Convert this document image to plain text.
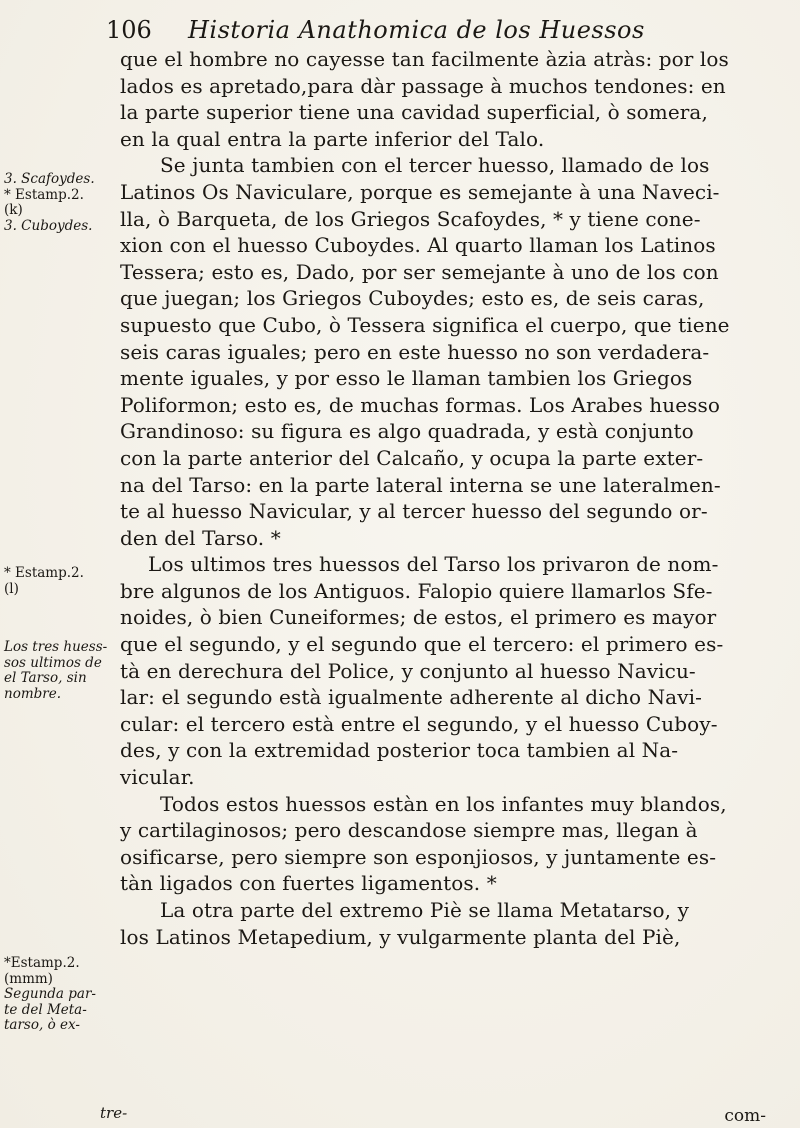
106 Historia Anathomica de los Huessos
3. Scafoydes.
* Estamp.2.
(k)
3. Cuboydes.
* Estamp.2.
(l)
Los tres huess-
sos ultimos de
el Tarso, sin
nombre.
*Estamp.2.
(mmm)
Segunda par-
te del Meta-
tarso, ò ex-
que el hombre no cayesse tan facilmente àzia atràs: por los
lados es apretado,para dàr passage à muchos tendones: en
la parte superior tiene una cavidad superficial, ò somera,
en la qual entra la parte inferior del Talo.
Se junta tambien con el tercer huesso, llamado de los
Latinos Os Naviculare, porque es semejante à una Naveci-
lla, ò Barqueta, de los Griegos Scafoydes, * y tiene cone-
xion con el huesso Cuboydes. Al quarto llaman los Latinos
Tessera; esto es, Dado, por ser semejante à uno de los con
que juegan; los Griegos Cuboydes; esto es, de seis caras,
supuesto que Cubo, ò Tessera significa el cuerpo, que tiene
seis caras iguales; pero en este huesso no son verdadera-
mente iguales, y por esso le llaman tambien los Griegos
Poliformon; esto es, de muchas formas. Los Arabes huesso
Grandinoso: su figura es algo quadrada, y està conjunto
con la parte anterior del Calcaño, y ocupa la parte exter-
na del Tarso: en la parte lateral interna se une lateralmen-
te al huesso Navicular, y al tercer huesso del segundo or-
den del Tarso. *
Los ultimos tres huessos del Tarso los privaron de nom-
bre algunos de los Antiguos. Falopio quiere llamarlos Sfe-
noides, ò bien Cuneiformes; de estos, el primero es mayor
que el segundo, y el segundo que el tercero: el primero es-
tà en derechura del Police, y conjunto al huesso Navicu-
lar: el segundo està igualmente adherente al dicho Navi-
cular: el tercero està entre el segundo, y el huesso Cuboy-
des, y con la extremidad posterior toca tambien al Na-
vicular.
Todos estos huessos estàn en los infantes muy blandos,
y cartilaginosos; pero descandose siempre mas, llegan à
osificarse, pero siempre son esponjiosos, y juntamente es-
tàn ligados con fuertes ligamentos. *
La otra parte del extremo Piè se llama Metatarso, y
los Latinos Metapedium, y vulgarmente planta del Piè,
tre-	com-
